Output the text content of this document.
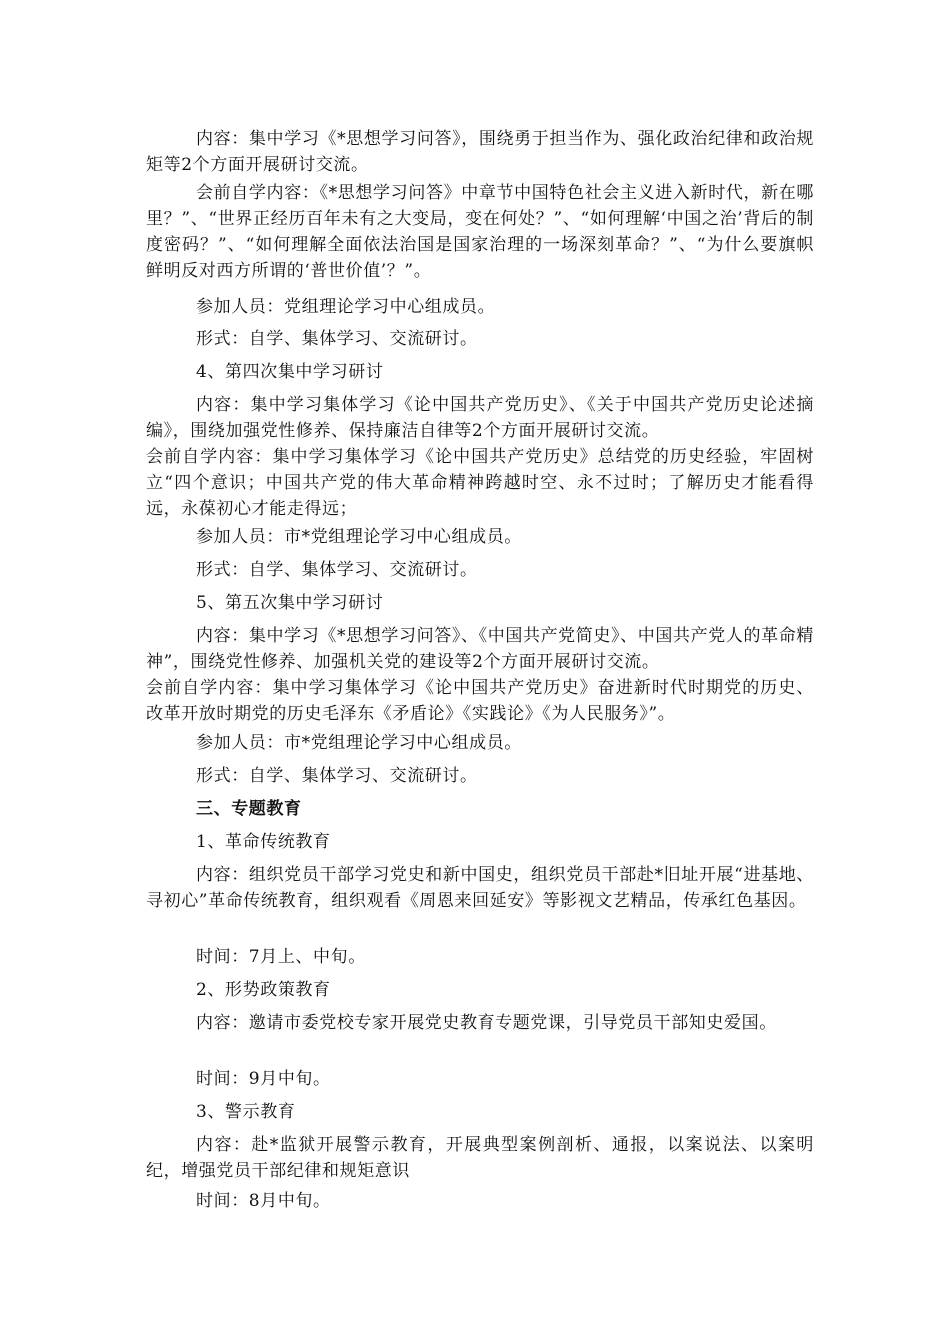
内容：集中学习《*思想学习问答》，围绕勇于担当作为、强化政治纪律和政治规矩等2个方面开展研讨交流。

会前自学内容：《*思想学习问答》中章节中国特色社会主义进入新时代，新在哪里？”、“世界正经历百年未有之大变局，变在何处？”、“如何理解‘中国之治’背后的制度密码？”、“如何理解全面依法治国是国家治理的一场深刻革命？”、“为什么要旗帜鲜明反对西方所谓的‘普世价值’？”。

参加人员：党组理论学习中心组成员。

形式：自学、集体学习、交流研讨。

4、第四次集中学习研讨

内容：集中学习集体学习《论中国共产党历史》、《关于中国共产党历史论述摘编》，围绕加强党性修养、保持廉洁自律等2个方面开展研讨交流。

会前自学内容：集中学习集体学习《论中国共产党历史》总结党的历史经验，牢固树立“四个意识；中国共产党的伟大革命精神跨越时空、永不过时；了解历史才能看得远，永葆初心才能走得远；

参加人员：市*党组理论学习中心组成员。

形式：自学、集体学习、交流研讨。

5、第五次集中学习研讨

内容：集中学习《*思想学习问答》、《中国共产党简史》、中国共产党人的革命精神”，围绕党性修养、加强机关党的建设等2个方面开展研讨交流。

会前自学内容：集中学习集体学习《论中国共产党历史》奋进新时代时期党的历史、改革开放时期党的历史毛泽东《矛盾论》《实践论》《为人民服务》”。

参加人员：市*党组理论学习中心组成员。

形式：自学、集体学习、交流研讨。

三、专题教育

1、革命传统教育

内容：组织党员干部学习党史和新中国史，组织党员干部赴*旧址开展“进基地、寻初心”革命传统教育，组织观看《周恩来回延安》等影视文艺精品，传承红色基因。

时间：7月上、中旬。

2、形势政策教育

内容：邀请市委党校专家开展党史教育专题党课，引导党员干部知史爱国。

时间：9月中旬。

3、警示教育

内容：赴*监狱开展警示教育，开展典型案例剖析、通报，以案说法、以案明纪，增强党员干部纪律和规矩意识

时间：8月中旬。
